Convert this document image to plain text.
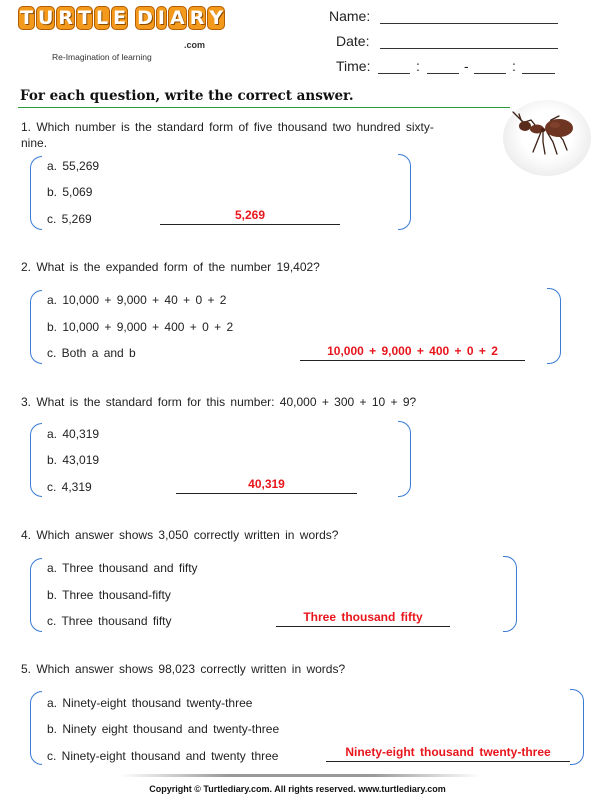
T U R T L E D I A R Y
.com
Re-Imagination of learning
Name:
Date:
Time:	:	-	:
For each question, write the correct answer.
1. Which number is the standard form of five thousand two hundred sixty-nine.
a. 55,269
b. 5,069
c. 5,269	5,269
2. What is the expanded form of the number 19,402?
a. 10,000 + 9,000 + 40 + 0 + 2
b. 10,000 + 9,000 + 400 + 0 + 2
c. Both a and b	10,000 + 9,000 + 400 + 0 + 2
3. What is the standard form for this number: 40,000 + 300 + 10 + 9?
a. 40,319
b. 43,019
c. 4,319	40,319
4. Which answer shows 3,050 correctly written in words?
a. Three thousand and fifty
b. Three thousand-fifty
c. Three thousand fifty	Three thousand fifty
5. Which answer shows 98,023 correctly written in words?
a. Ninety-eight thousand twenty-three
b. Ninety eight thousand and twenty-three
c. Ninety-eight thousand and twenty three	Ninety-eight thousand twenty-three
Copyright © Turtlediary.com. All rights reserved. www.turtlediary.com
